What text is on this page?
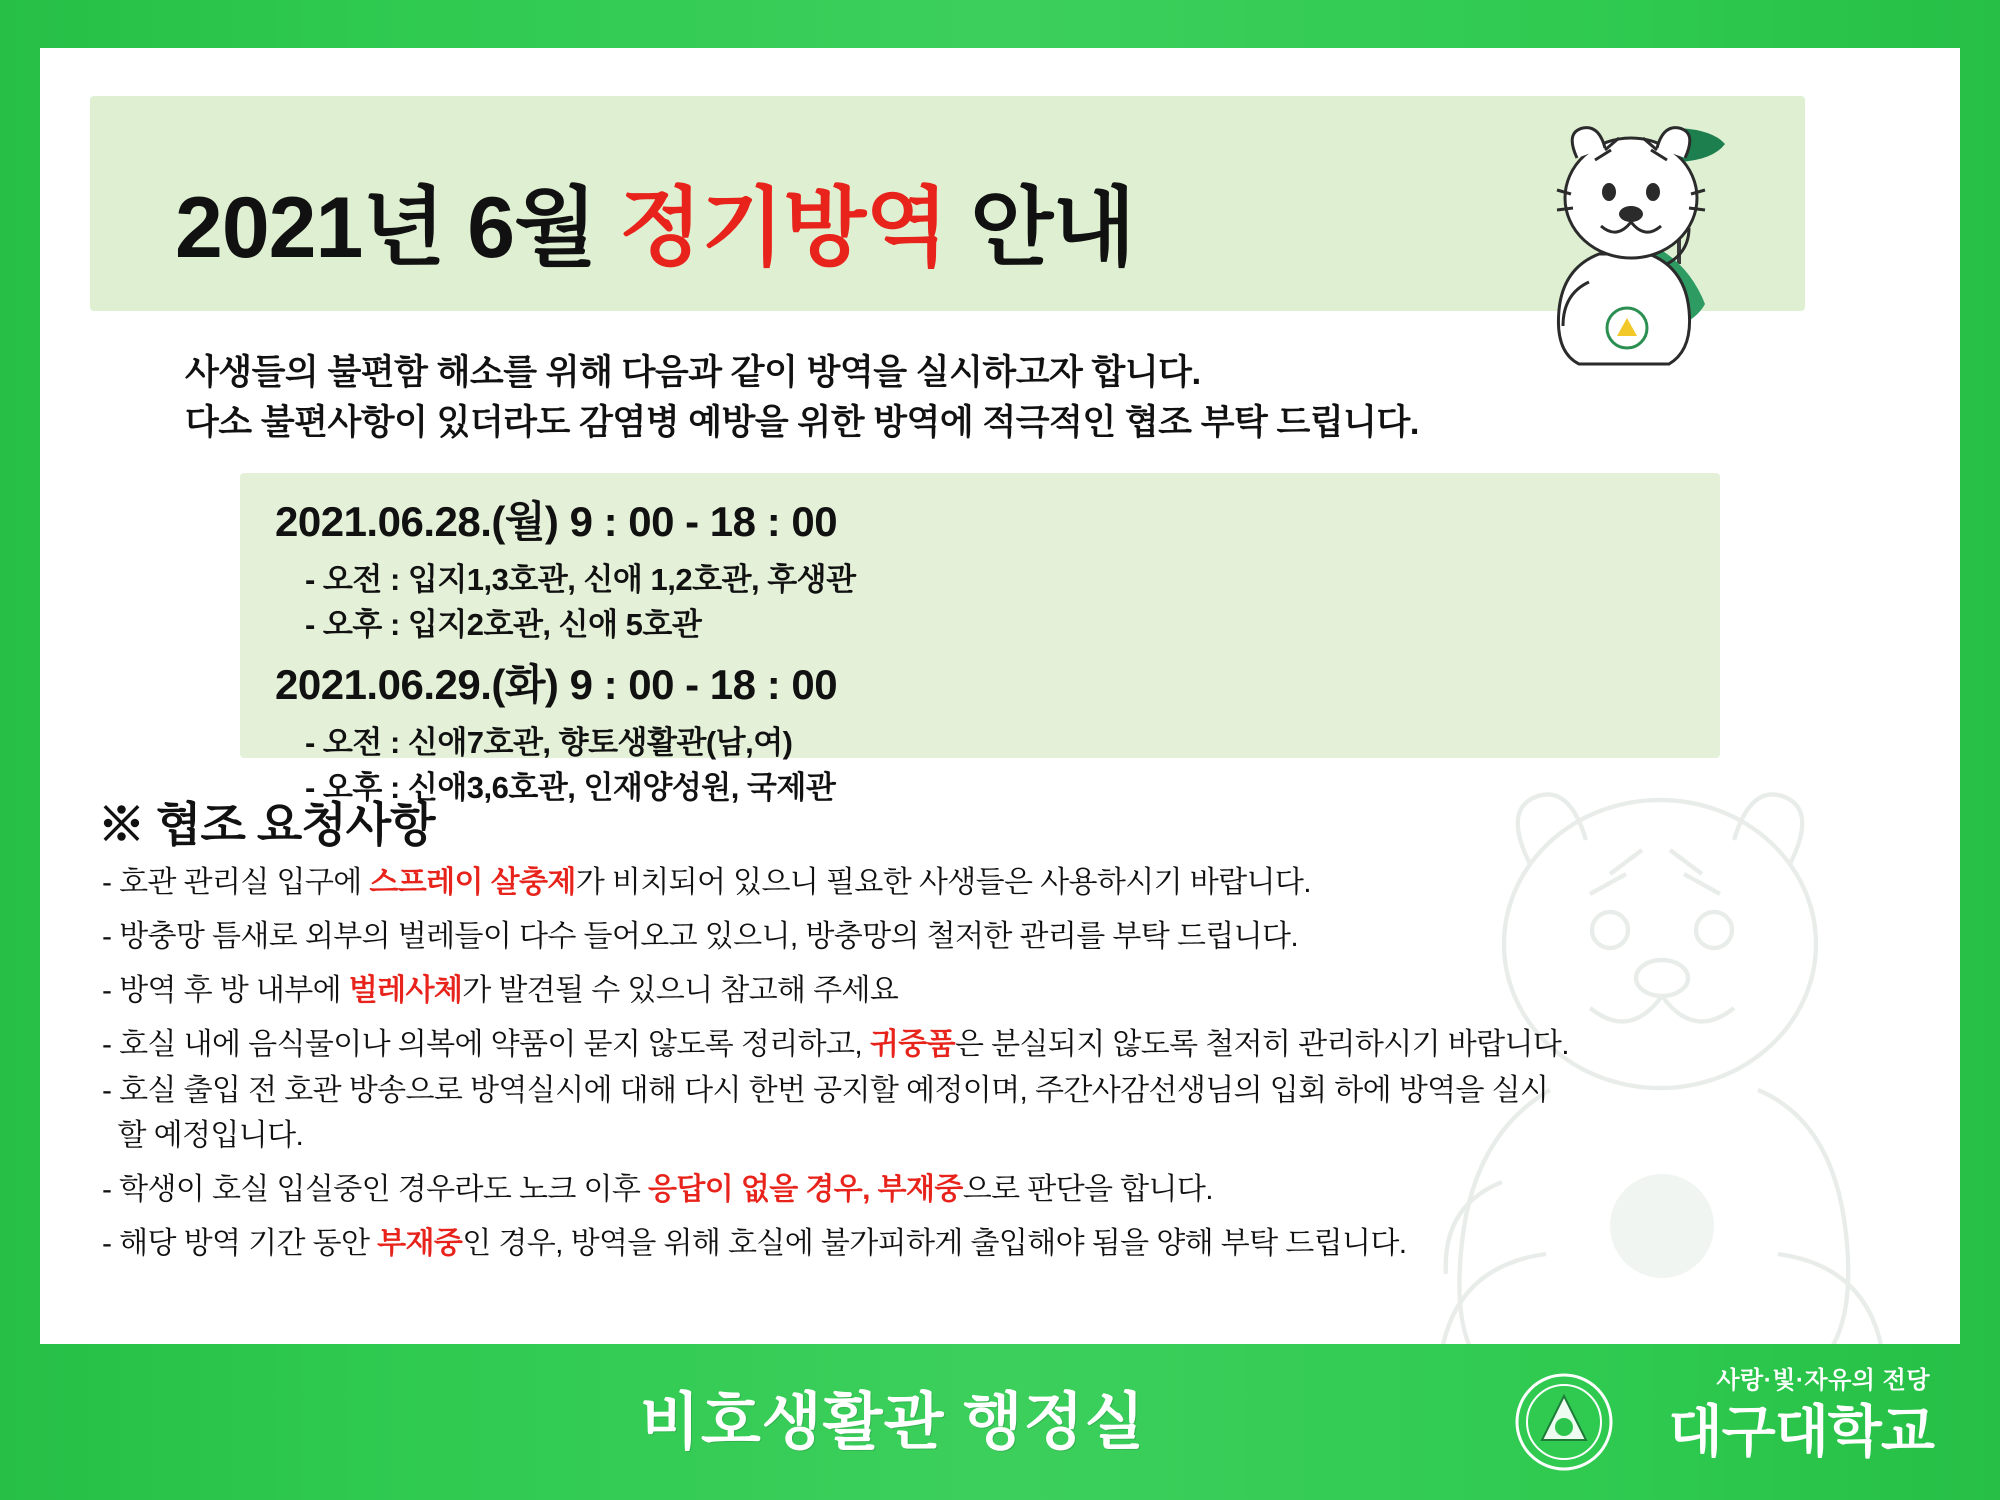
2021년 6월 정기방역 안내
사생들의 불편함 해소를 위해 다음과 같이 방역을 실시하고자 합니다.
다소 불편사항이 있더라도 감염병 예방을 위한 방역에 적극적인 협조 부탁 드립니다.
2021.06.28.(월) 9 : 00 - 18 : 00
- 오전 : 입지1,3호관, 신애 1,2호관, 후생관
- 오후 : 입지2호관, 신애 5호관
2021.06.29.(화) 9 : 00 - 18 : 00
- 오전 : 신애7호관, 향토생활관(남,여)
- 오후 : 신애3,6호관, 인재양성원, 국제관
※ 협조 요청사항
- 호관 관리실 입구에 스프레이 살충제가 비치되어 있으니 필요한 사생들은 사용하시기 바랍니다.
- 방충망 틈새로 외부의 벌레들이 다수 들어오고 있으니, 방충망의 철저한 관리를 부탁 드립니다.
- 방역 후 방 내부에 벌레사체가 발견될 수 있으니 참고해 주세요
- 호실 내에 음식물이나 의복에 약품이 묻지 않도록 정리하고, 귀중품은 분실되지 않도록 철저히 관리하시기 바랍니다.
- 호실 출입 전 호관 방송으로 방역실시에 대해 다시 한번 공지할 예정이며, 주간사감선생님의 입회 하에 방역을 실시
할 예정입니다.
- 학생이 호실 입실중인 경우라도 노크 이후 응답이 없을 경우, 부재중으로 판단을 합니다.
- 해당 방역 기간 동안 부재중인 경우, 방역을 위해 호실에 불가피하게 출입해야 됨을 양해 부탁 드립니다.
비호생활관 행정실
사랑·빛·자유의 전당
대구대학교
